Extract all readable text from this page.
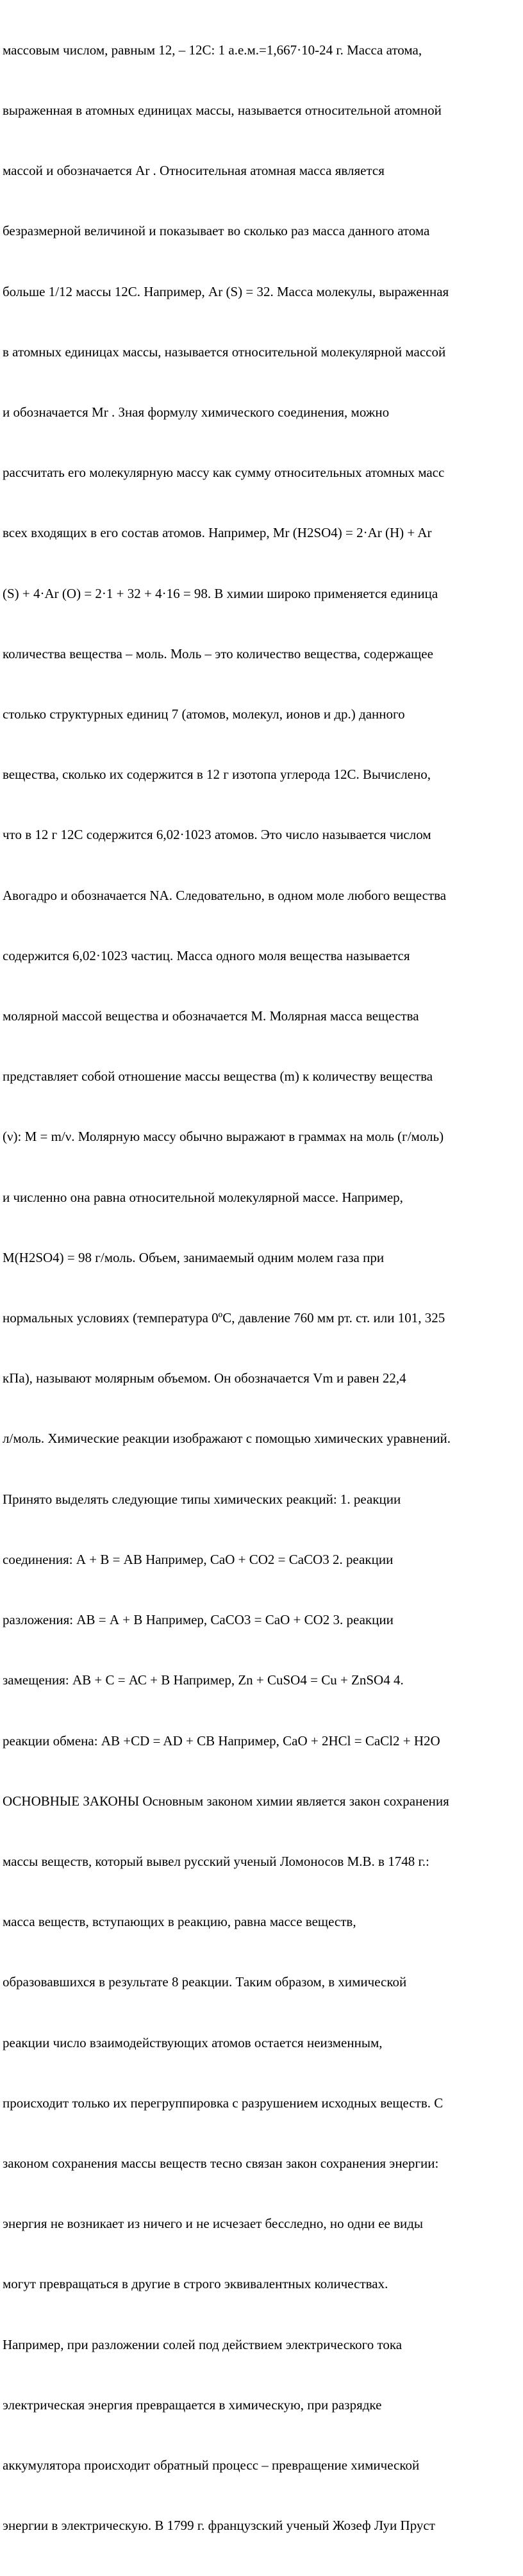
массовым числом, равным 12, – 12С: 1 а.е.м.=1,667·10-24 г. Масса атома,

выраженная в атомных единицах массы, называется относительной атомной

массой и обозначается Ar . Относительная атомная масса является

безразмерной величиной и показывает во сколько раз масса данного атома

больше 1/12 массы 12С. Например, Ar (S) = 32. Масса молекулы, выраженная

в атомных единицах массы, называется относительной молекулярной массой

и обозначается Mr . Зная формулу химического соединения, можно

рассчитать его молекулярную массу как сумму относительных атомных масс

всех входящих в его состав атомов. Например, Mr (H2SO4) = 2·Ar (H) + Ar

(S) + 4·Ar (O) = 2·1 + 32 + 4·16 = 98. В химии широко применяется единица

количества вещества – моль. Моль – это количество вещества, содержащее

столько структурных единиц 7 (атомов, молекул, ионов и др.) данного

вещества, сколько их содержится в 12 г изотопа углерода 12С. Вычислено,

что в 12 г 12С содержится 6,02·1023 атомов. Это число называется числом

Авогадро и обозначается NA. Следовательно, в одном моле любого вещества

содержится 6,02·1023 частиц. Масса одного моля вещества называется

молярной массой вещества и обозначается М. Молярная масса вещества

представляет собой отношение массы вещества (m) к количеству вещества

(ν): М = m/ν. Молярную массу обычно выражают в граммах на моль (г/моль)

и численно она равна относительной молекулярной массе. Например,

М(H2SO4) = 98 г/моль. Объем, занимаемый одним молем газа при

нормальных условиях (температура 0ºС, давление 760 мм рт. ст. или 101, 325

кПа), называют молярным объемом. Он обозначается Vm и равен 22,4

л/моль. Химические реакции изображают с помощью химических уравнений.

Принято выделять следующие типы химических реакций: 1. реакции

соединения: А + В = АВ Например, CaO + CO2 = CaCO3 2. реакции

разложения: АВ = А + В Например, CaCO3 = CaO + CO2 3. реакции

замещения: АВ + С = АС + В Например, Zn + CuSO4 = Cu + ZnSO4 4.

реакции обмена: АВ +CD = AD + CB Например, CaO + 2HCl = CaCl2 + H2O

ОСНОВНЫЕ ЗАКОНЫ Основным законом химии является закон сохранения

массы веществ, который вывел русский ученый Ломоносов М.В. в 1748 г.:

масса веществ, вступающих в реакцию, равна массе веществ,

образовавшихся в результате 8 реакции. Таким образом, в химической

реакции число взаимодействующих атомов остается неизменным,

происходит только их перегруппировка с разрушением исходных веществ. С

законом сохранения массы веществ тесно связан закон сохранения энергии:

энергия не возникает из ничего и не исчезает бесследно, но одни ее виды

могут превращаться в другие в строго эквивалентных количествах.

Например, при разложении солей под действием электрического тока

электрическая энергия превращается в химическую, при разрядке

аккумулятора происходит обратный процесс – превращение химической

энергии в электрическую. В 1799 г. французский ученый Жозеф Луи Пруст
